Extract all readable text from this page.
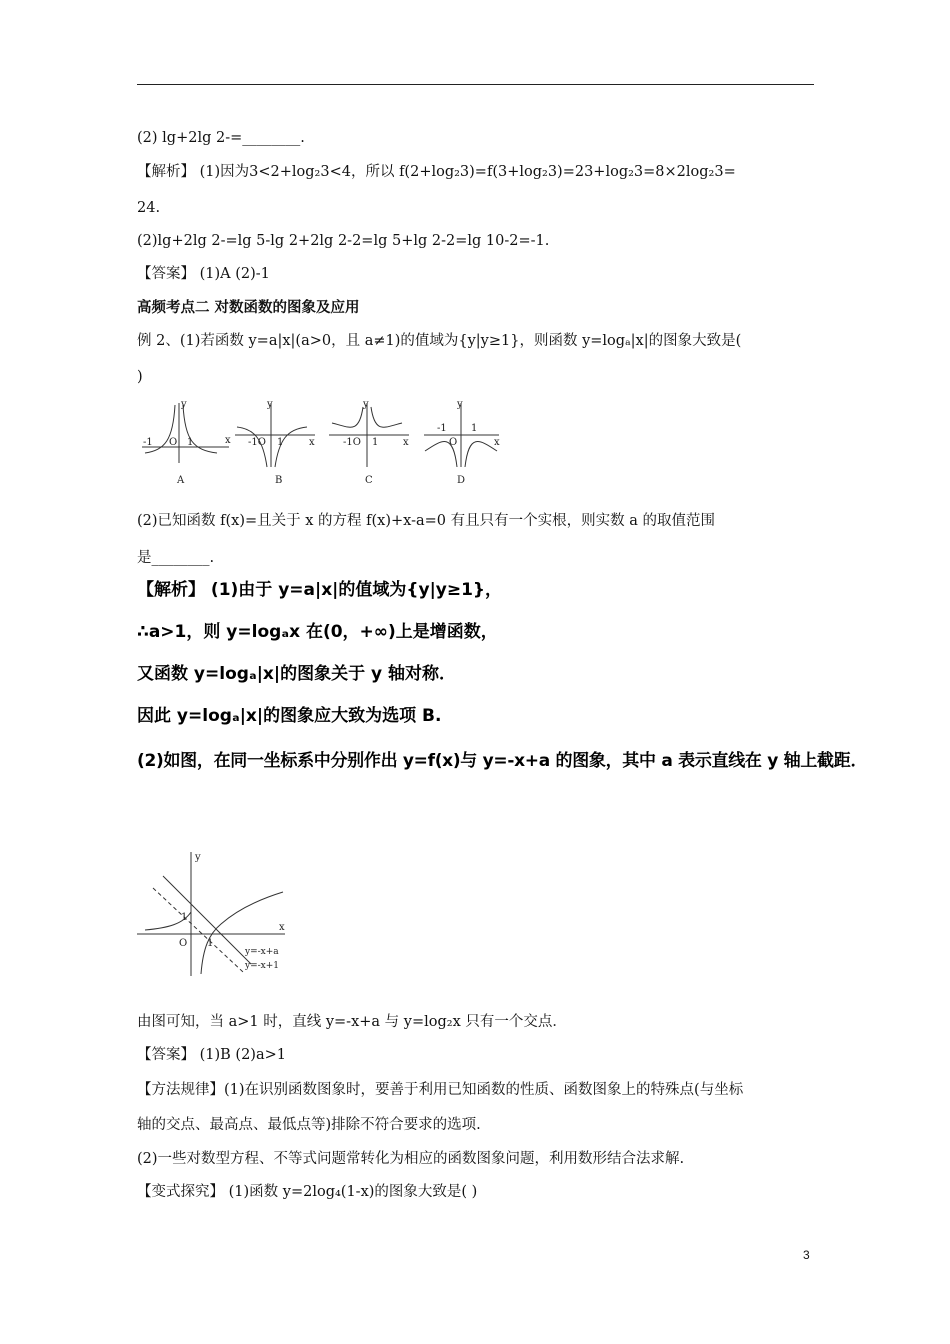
(2) lg+2lg 2-=________.
【解析】 (1)因为3<2+log₂3<4，所以 f(2+log₂3)=f(3+log₂3)=23+log₂3=8×2log₂3=
24.
(2)lg+2lg 2-=lg 5-lg 2+2lg 2-2=lg 5+lg 2-2=lg 10-2=-1.
【答案】 (1)A (2)-1
高频考点二 对数函数的图象及应用
例 2、(1)若函数 y=a|x|(a>0，且 a≠1)的值域为{y|y≥1}，则函数 y=logₐ|x|的图象大致是(
)
y
x
-1 O 1
A
y
x
-1O 1
B
y
x
-1O 1
C
y
x
-1
O
1
D
(2)已知函数 f(x)=且关于 x 的方程 f(x)+x-a=0 有且只有一个实根，则实数 a 的取值范围
是________.
【解析】 (1)由于 y=a|x|的值域为{y|y≥1}，
∴a>1，则 y=logₐx 在(0，+∞)上是增函数，
又函数 y=logₐ|x|的图象关于 y 轴对称．
因此 y=logₐ|x|的图象应大致为选项 B.
(2)如图，在同一坐标系中分别作出 y=f(x)与 y=-x+a 的图象，其中 a 表示直线在 y 轴上截距．
y
x
O
1
1
y=-x+a
y=-x+1
由图可知，当 a>1 时，直线 y=-x+a 与 y=log₂x 只有一个交点．
【答案】 (1)B (2)a>1
【方法规律】(1)在识别函数图象时，要善于利用已知函数的性质、函数图象上的特殊点(与坐标
轴的交点、最高点、最低点等)排除不符合要求的选项.
(2)一些对数型方程、不等式问题常转化为相应的函数图象问题，利用数形结合法求解.
【变式探究】 (1)函数 y=2log₄(1-x)的图象大致是( )
3
